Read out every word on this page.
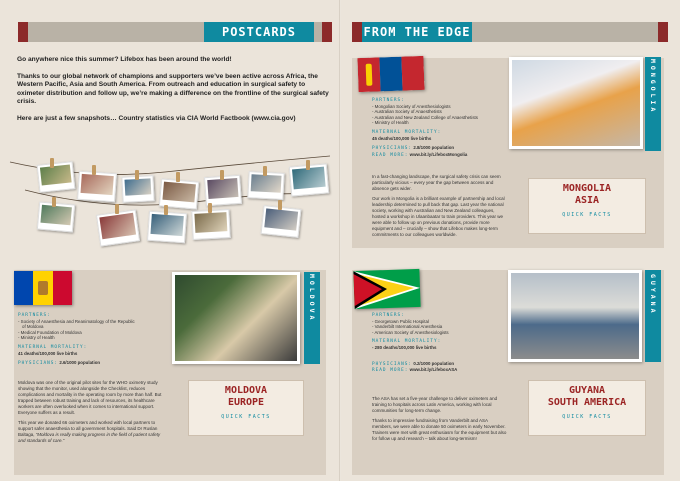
POSTCARDS	FROM THE EDGE

Go anywhere nice this summer? Lifebox has been around the world!

Thanks to our global network of champions and supporters we’ve been active across Africa, the Western Pacific, Asia and South America. From outreach and education in surgical safety to oximeter distribution and follow up, we’re making a difference on the frontline of the surgical safety crisis.

Here are just a few snapshots… Country statistics via CIA World Factbook (www.cia.gov)

MONGOLIA
PARTNERS:
- Mongolian Society of Anesthesiologists
- Australian Society of Anaesthetists
- Australian and New Zealand College of Anaesthetists
- Ministry of Health
MATERNAL MORTALITY:
45 deaths/100,000 live births
PHYSICIANS: 2.8/1000 population
READ MORE: www.bit.ly/LifeboxMongolia

In a fast-changing landscape, the surgical safety crisis can seem particularly vicious – every year the gap between access and absence gets wider.

Our work in Mongolia is a brilliant example of partnership and local leadership determined to pull back that gap. Last year the national society, working with Australian and New Zealand colleagues, hosted a workshop in Ulaanbaatar to train providers. This year we were able to follow up on previous donations, provide more equipment and – crucially – show that Lifebox makes long-term commitments to our colleagues worldwide.

MONGOLIA
ASIA
QUICK FACTS
MOLDOVA
PARTNERS:
- Society of Anaesthesia and Reanimatology of the Republic
of Moldova
- Medical Foundation of Moldova
- Ministry of Health
MATERNAL MORTALITY:
41 deaths/100,000 live births
PHYSICIANS: 2.6/1000 population

Moldova was one of the original pilot sites for the WHO oximetry study showing that the monitor, used alongside the Checklist, reduces complications and mortality in the operating room by more than half. But trapped between robust training and lack of resources, its healthcare workers are often overlooked when it comes to international support. Everyone suffers as a result.

This year we donated 66 oximeters and worked with local partners to support safer anaesthesia to all government hospitals. Said Dr Ruslan Baltaga, “Moldova is really making progress in the field of patient safety and standards of care.”

MOLDOVA
EUROPE
QUICK FACTS
GUYANA
PARTNERS:
- Georgetown Public Hospital
- Vanderbilt International Anesthesia
- American Society of Anesthesiologists
MATERNAL MORTALITY:
- 280 deaths/100,000 live births
PHYSICIANS: 0.2/1000 population
READ MORE: www.bit.ly/LifeboxASA

The ASA has set a five-year challenge to deliver oximeters and training to hospitals across Latin America, working with local communities for long-term change.

Thanks to impressive fundraising from Vanderbilt and ASA members, we were able to donate 50 oximeters in early November. Trainers were met with great enthusiasm for the equipment but also for follow up and research – talk about long-termism!

GUYANA
SOUTH AMERICA
QUICK FACTS
